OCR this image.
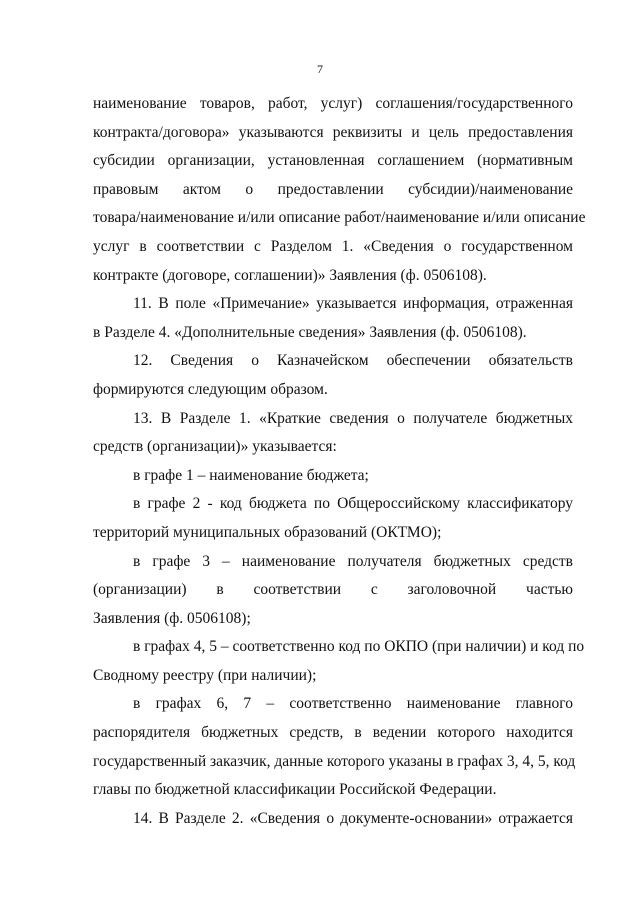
7
наименование товаров, работ, услуг) соглашения/государственного
контракта/договора» указываются реквизиты и цель предоставления
субсидии организации, установленная соглашением (нормативным
правовым актом о предоставлении субсидии)/наименование
товара/наименование и/или описание работ/наименование и/или описание
услуг в соответствии с Разделом 1. «Сведения о государственном
контракте (договоре, соглашении)» Заявления (ф. 0506108).
11. В поле «Примечание» указывается информация, отраженная
в Разделе 4. «Дополнительные сведения» Заявления (ф. 0506108).
12. Сведения о Казначейском обеспечении обязательств
формируются следующим образом.
13. В Разделе 1. «Краткие сведения о получателе бюджетных
средств (организации)» указывается:
в графе 1 – наименование бюджета;
в графе 2 - код бюджета по Общероссийскому классификатору
территорий муниципальных образований (ОКТМО);
в графе 3 – наименование получателя бюджетных средств
(организации) в соответствии с заголовочной частью
Заявления (ф. 0506108);
в графах 4, 5 – соответственно код по ОКПО (при наличии) и код по
Сводному реестру (при наличии);
в графах 6, 7 – соответственно наименование главного
распорядителя бюджетных средств, в ведении которого находится
государственный заказчик, данные которого указаны в графах 3, 4, 5, код
главы по бюджетной классификации Российской Федерации.
14. В Разделе 2. «Сведения о документе-основании» отражается
